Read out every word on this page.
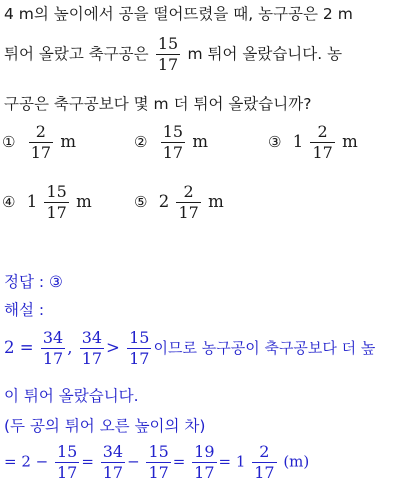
4 m의 높이에서 공을 떨어뜨렸을 때, 농구공은 2 m
튀어 올랐고 축구공은 $\frac{15}{17}$ m 튀어 올랐습니다. 농
구공은 축구공보다 몇 m 더 튀어 올랐습니까?
① $\frac{2}{17}$ m	② $\frac{15}{17}$ m	③ $1 \frac{2}{17}$ m
④ $1 \frac{15}{17}$ m	⑤ $2 \frac{2}{17}$ m
정답 : ③
해설 :
$2 = \frac{34}{17}$ , $\frac{34}{17} > \frac{15}{17}$ 이므로 농구공이 축구공보다 더 높
이 튀어 올랐습니다.
(두 공의 튀어 오른 높이의 차)
= $2 - \frac{15}{17} = \frac{34}{17} - \frac{15}{17} = \frac{19}{17} = 1 \frac{2}{17} (m)$
